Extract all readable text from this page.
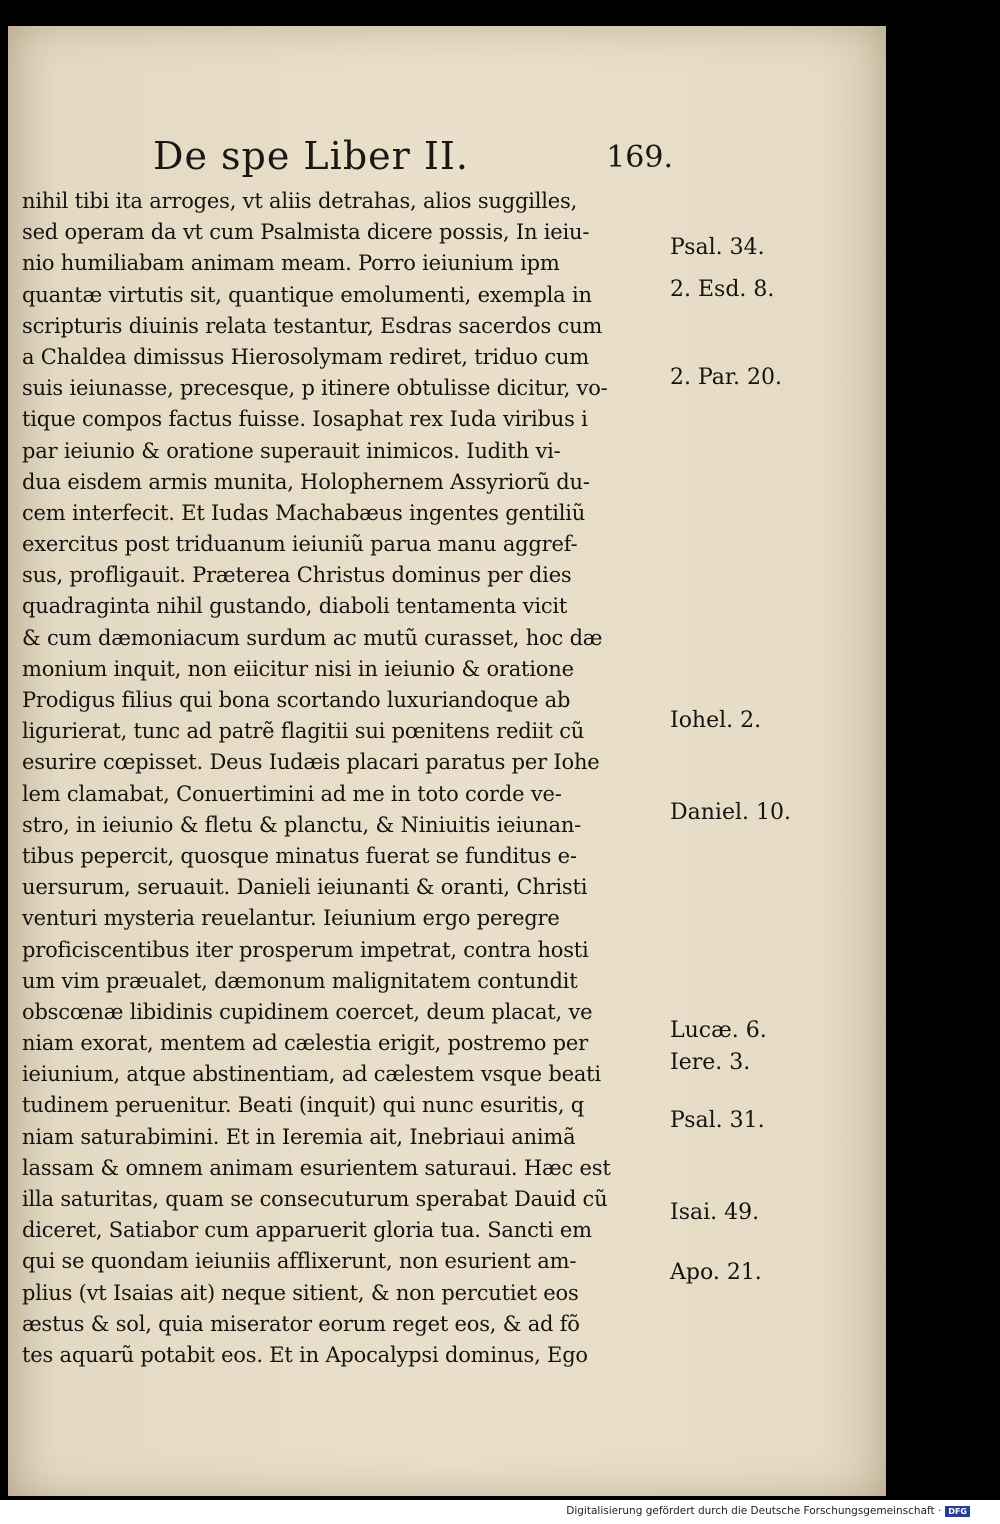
De spe Liber II.	169.
nihil tibi ita arroges, vt aliis detrahas, alios suggilles,
sed operam da vt cum Psalmista dicere possis, In ieiu-
nio humiliabam animam meam. Porro ieiunium ipm
quantæ virtutis sit, quantique emolumenti, exempla in
scripturis diuinis relata testantur, Esdras sacerdos cum
a Chaldea dimissus Hierosolymam rediret, triduo cum
suis ieiunasse, precesque, p itinere obtulisse dicitur, vo-
tique compos factus fuisse. Iosaphat rex Iuda viribus i
par ieiunio & oratione superauit inimicos. Iudith vi-
dua eisdem armis munita, Holophernem Assyriorũ du-
cem interfecit. Et Iudas Machabæus ingentes gentiliũ
exercitus post triduanum ieiuniũ parua manu aggref-
sus, profligauit. Præterea Christus dominus per dies
quadraginta nihil gustando, diaboli tentamenta vicit
& cum dæmoniacum surdum ac mutũ curasset, hoc dæ
monium inquit, non eiicitur nisi in ieiunio & oratione
Prodigus filius qui bona scortando luxuriandoque ab
ligurierat, tunc ad patrẽ flagitii sui pœnitens rediit cũ
esurire cœpisset. Deus Iudæis placari paratus per Iohe
lem clamabat, Conuertimini ad me in toto corde ve-
stro, in ieiunio & fletu & planctu, & Niniuitis ieiunan-
tibus pepercit, quosque minatus fuerat se funditus e-
uersurum, seruauit. Danieli ieiunanti & oranti, Christi
venturi mysteria reuelantur. Ieiunium ergo peregre
proficiscentibus iter prosperum impetrat, contra hosti
um vim præualet, dæmonum malignitatem contundit
obscœnæ libidinis cupidinem coercet, deum placat, ve
niam exorat, mentem ad cælestia erigit, postremo per
ieiunium, atque abstinentiam, ad cælestem vsque beati
tudinem peruenitur. Beati (inquit) qui nunc esuritis, q
niam saturabimini. Et in Ieremia ait, Inebriaui animã
lassam & omnem animam esurientem saturaui. Hæc est
illa saturitas, quam se consecuturum sperabat Dauid cũ
diceret, Satiabor cum apparuerit gloria tua. Sancti em
qui se quondam ieiuniis afflixerunt, non esurient am-
plius (vt Isaias ait) neque sitient, & non percutiet eos
æstus & sol, quia miserator eorum reget eos, & ad fõ
tes aquarũ potabit eos. Et in Apocalypsi dominus, Ego
Psal. 34.
2. Esd. 8.
2. Par. 20.
Iohel. 2.
Daniel. 10.
Lucæ. 6.
Iere. 3.
Psal. 31.
Isai. 49.
Apo. 21.
Digitalisierung gefördert durch die Deutsche Forschungsgemeinschaft · DFG
